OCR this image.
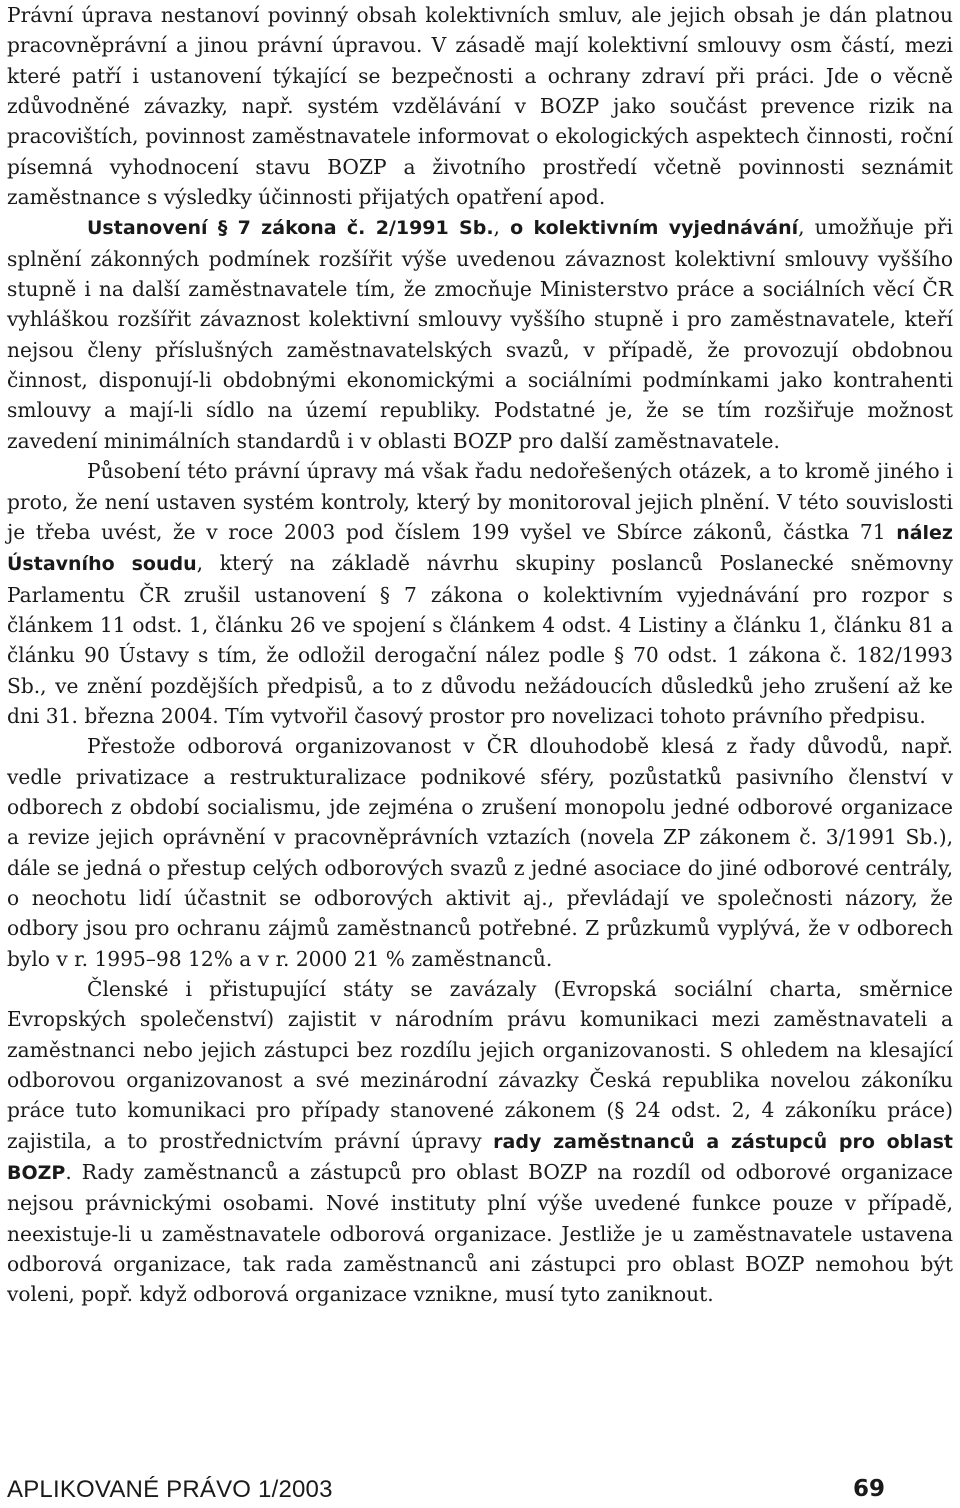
Právní úprava nestanoví povinný obsah kolektivních smluv, ale jejich obsah je dán platnou pracovněprávní a jinou právní úpravou. V zásadě mají kolektivní smlouvy osm částí, mezi které patří i ustanovení týkající se bezpečnosti a ochrany zdraví při práci. Jde o věcně zdůvodněné závazky, např. systém vzdělávání v BOZP jako součást prevence rizik na pracovištích, povinnost zaměstnavatele informovat o ekologických aspektech činnosti, roční písemná vyhodnocení stavu BOZP a životního prostředí včetně povinnosti seznámit zaměstnance s výsledky účinnosti přijatých opatření apod.

Ustanovení § 7 zákona č. 2/1991 Sb., o kolektivním vyjednávání, umožňuje při splnění zákonných podmínek rozšířit výše uvedenou závaznost kolektivní smlouvy vyššího stupně i na další zaměstnavatele tím, že zmocňuje Ministerstvo práce a sociálních věcí ČR vyhláškou rozšířit závaznost kolektivní smlouvy vyššího stupně i pro zaměstnavatele, kteří nejsou členy příslušných zaměstnavatelských svazů, v případě, že provozují obdobnou činnost, disponují-li obdobnými ekonomickými a sociálními podmínkami jako kontrahenti smlouvy a mají-li sídlo na území republiky. Podstatné je, že se tím rozšiřuje možnost zavedení minimálních standardů i v oblasti BOZP pro další zaměstnavatele.

Působení této právní úpravy má však řadu nedořešených otázek, a to kromě jiného i proto, že není ustaven systém kontroly, který by monitoroval jejich plnění. V této souvislosti je třeba uvést, že v roce 2003 pod číslem 199 vyšel ve Sbírce zákonů, částka 71 nález Ústavního soudu, který na základě návrhu skupiny poslanců Poslanecké sněmovny Parlamentu ČR zrušil ustanovení § 7 zákona o kolektivním vyjednávání pro rozpor s článkem 11 odst. 1, článku 26 ve spojení s článkem 4 odst. 4 Listiny a článku 1, článku 81 a článku 90 Ústavy s tím, že odložil derogační nález podle § 70 odst. 1 zákona č. 182/1993 Sb., ve znění pozdějších předpisů, a to z důvodu nežádoucích důsledků jeho zrušení až ke dni 31. března 2004. Tím vytvořil časový prostor pro novelizaci tohoto právního předpisu.

Přestože odborová organizovanost v ČR dlouhodobě klesá z řady důvodů, např. vedle privatizace a restrukturalizace podnikové sféry, pozůstatků pasivního členství v odborech z období socialismu, jde zejména o zrušení monopolu jedné odborové organizace a revize jejich oprávnění v pracovněprávních vztazích (novela ZP zákonem č. 3/1991 Sb.), dále se jedná o přestup celých odborových svazů z jedné asociace do jiné odborové centrály, o neochotu lidí účastnit se odborových aktivit aj., převládají ve společnosti názory, že odbory jsou pro ochranu zájmů zaměstnanců potřebné. Z průzkumů vyplývá, že v odborech bylo v r. 1995–98 12% a v r. 2000 21 % zaměstnanců.

Členské i přistupující státy se zavázaly (Evropská sociální charta, směrnice Evropských společenství) zajistit v národním právu komunikaci mezi zaměstnavateli a zaměstnanci nebo jejich zástupci bez rozdílu jejich organizovanosti. S ohledem na klesající odborovou organizovanost a své mezinárodní závazky Česká republika novelou zákoníku práce tuto komunikaci pro případy stanovené zákonem (§ 24 odst. 2, 4 zákoníku práce) zajistila, a to prostřednictvím právní úpravy rady zaměstnanců a zástupců pro oblast BOZP. Rady zaměstnanců a zástupců pro oblast BOZP na rozdíl od odborové organizace nejsou právnickými osobami. Nové instituty plní výše uvedené funkce pouze v případě, neexistuje-li u zaměstnavatele odborová organizace. Jestliže je u zaměstnavatele ustavena odborová organizace, tak rada zaměstnanců ani zástupci pro oblast BOZP nemohou být voleni, popř. když odborová organizace vznikne, musí tyto zaniknout.

APLIKOVANÉ PRÁVO 1/2003	69
